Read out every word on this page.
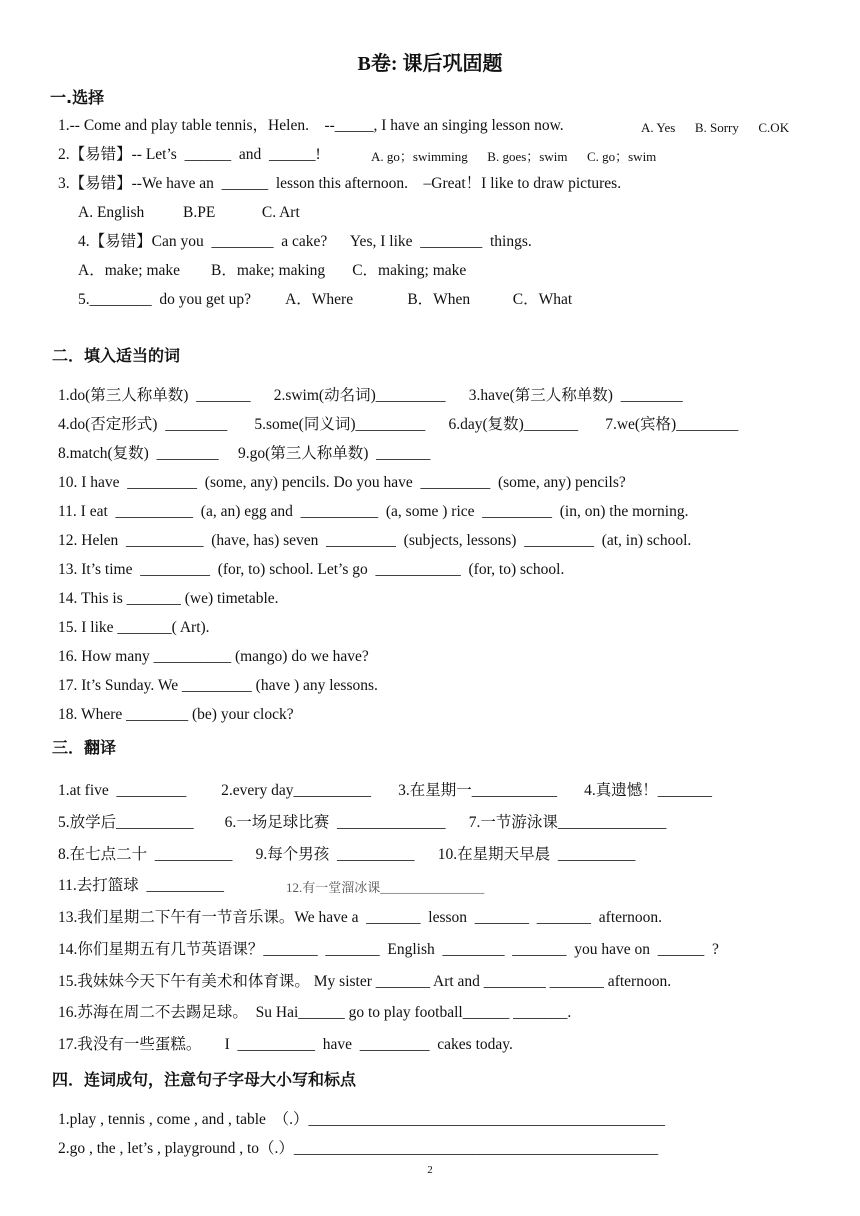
B卷: 课后巩固题
一.选择
1.-- Come and play table tennis，Helen.    --_____, I have an singing lesson now.	A. Yes      B. Sorry      C.OK
2.【易错】-- Let’s  ______  and  ______!	A. go；swimming      B. goes；swim      C. go；swim
3.【易错】--We have an  ______  lesson this afternoon.    –Great！I like to draw pictures.
A. English          B.PE            C. Art
4.【易错】Can you  ________  a cake?      Yes, I like  ________  things.
A．make; make        B．make; making       C．making; make
5.________  do you get up?         A．Where              B．When           C．What
二．填入适当的词
1.do(第三人称单数)  _______      2.swim(动名词)_________      3.have(第三人称单数)  ________
4.do(否定形式)  ________       5.some(同义词)_________      6.day(复数)_______       7.we(宾格)________
8.match(复数)  ________     9.go(第三人称单数)  _______
10. I have  _________  (some, any) pencils. Do you have  _________  (some, any) pencils?
11. I eat  __________  (a, an) egg and  __________  (a, some ) rice  _________  (in, on) the morning.
12. Helen  __________  (have, has) seven  _________  (subjects, lessons)  _________  (at, in) school.
13. It’s time  _________  (for, to) school. Let’s go  ___________  (for, to) school.
14. This is _______ (we) timetable.
15. I like _______( Art).
16. How many __________ (mango) do we have?
17. It’s Sunday. We _________ (have ) any lessons.
18. Where ________ (be) your clock?
三．翻译
1.at five  _________         2.every day__________       3.在星期一___________       4.真遗憾！_______
5.放学后__________        6.一场足球比赛  ______________      7.一节游泳课______________
8.在七点二十  __________      9.每个男孩  __________      10.在星期天早晨  __________
11.去打篮球  __________	12.有一堂溜冰课________________
13.我们星期二下午有一节音乐课。We have a  _______  lesson  _______  _______  afternoon.
14.你们星期五有几节英语课？_______  _______  English  ________  _______  you have on  ______  ?
15.我妹妹今天下午有美术和体育课。 My sister _______ Art and ________ _______ afternoon.
16.苏海在周二不去踢足球。  Su Hai______ go to play football______ _______.
17.我没有一些蛋糕。      I  __________  have  _________  cakes today.
四．连词成句，注意句子字母大小写和标点
1.play , tennis , come , and , table  （.）______________________________________________
2.go , the , let’s , playground , to（.）_______________________________________________
2
